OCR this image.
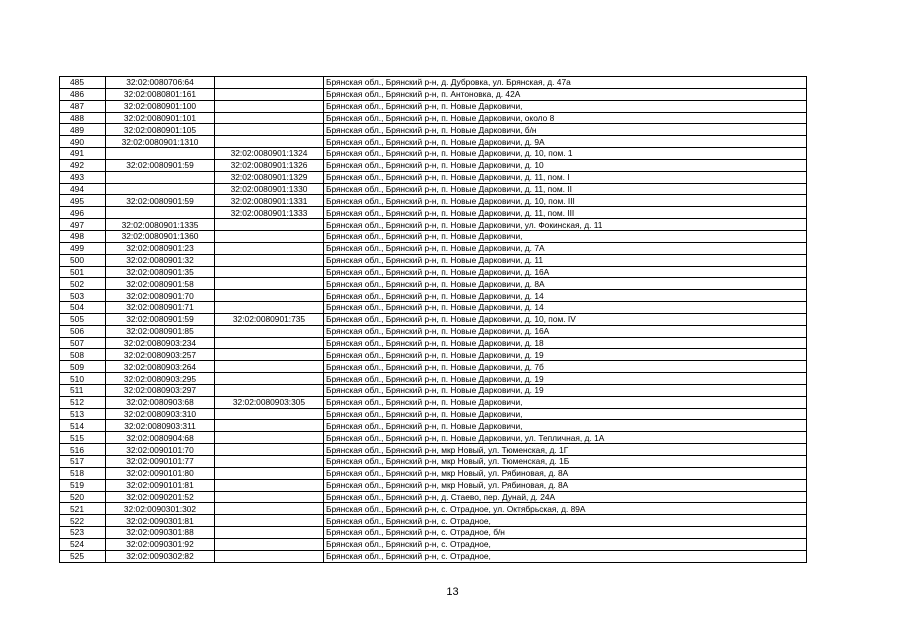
485	32:02:0080706:64		Брянская обл., Брянский р-н, д. Дубровка, ул. Брянская, д. 47а
486	32:02:0080801:161		Брянская обл., Брянский р-н, п. Антоновка, д. 42А
487	32:02:0080901:100		Брянская обл., Брянский р-н, п. Новые Дарковичи,
488	32:02:0080901:101		Брянская обл., Брянский р-н, п. Новые Дарковичи, около 8
489	32:02:0080901:105		Брянская обл., Брянский р-н, п. Новые Дарковичи, б/н
490	32:02:0080901:1310		Брянская обл., Брянский р-н, п. Новые Дарковичи, д. 9А
491		32:02:0080901:1324	Брянская обл., Брянский р-н, п. Новые Дарковичи, д. 10, пом. 1
492	32:02:0080901:59	32:02:0080901:1326	Брянская обл., Брянский р-н, п. Новые Дарковичи, д. 10
493		32:02:0080901:1329	Брянская обл., Брянский р-н, п. Новые Дарковичи, д. 11, пом. I
494		32:02:0080901:1330	Брянская обл., Брянский р-н, п. Новые Дарковичи, д. 11, пом. II
495	32:02:0080901:59	32:02:0080901:1331	Брянская обл., Брянский р-н, п. Новые Дарковичи, д. 10, пом. III
496		32:02:0080901:1333	Брянская обл., Брянский р-н, п. Новые Дарковичи, д. 11, пом. III
497	32:02:0080901:1335		Брянская обл., Брянский р-н, п. Новые Дарковичи, ул. Фокинская, д. 11
498	32:02:0080901:1360		Брянская обл., Брянский р-н, п. Новые Дарковичи,
499	32:02:0080901:23		Брянская обл., Брянский р-н, п. Новые Дарковичи, д. 7А
500	32:02:0080901:32		Брянская обл., Брянский р-н, п. Новые Дарковичи, д. 11
501	32:02:0080901:35		Брянская обл., Брянский р-н, п. Новые Дарковичи, д. 16А
502	32:02:0080901:58		Брянская обл., Брянский р-н, п. Новые Дарковичи, д. 8А
503	32:02:0080901:70		Брянская обл., Брянский р-н, п. Новые Дарковичи, д. 14
504	32:02:0080901:71		Брянская обл., Брянский р-н, п. Новые Дарковичи, д. 14
505	32:02:0080901:59	32:02:0080901:735	Брянская обл., Брянский р-н, п. Новые Дарковичи, д. 10, пом. IV
506	32:02:0080901:85		Брянская обл., Брянский р-н, п. Новые Дарковичи, д. 16А
507	32:02:0080903:234		Брянская обл., Брянский р-н, п. Новые Дарковичи, д. 18
508	32:02:0080903:257		Брянская обл., Брянский р-н, п. Новые Дарковичи, д. 19
509	32:02:0080903:264		Брянская обл., Брянский р-н, п. Новые Дарковичи, д. 7б
510	32:02:0080903:295		Брянская обл., Брянский р-н, п. Новые Дарковичи, д. 19
511	32:02:0080903:297		Брянская обл., Брянский р-н, п. Новые Дарковичи, д. 19
512	32:02:0080903:68	32:02:0080903:305	Брянская обл., Брянский р-н, п. Новые Дарковичи,
513	32:02:0080903:310		Брянская обл., Брянский р-н, п. Новые Дарковичи,
514	32:02:0080903:311		Брянская обл., Брянский р-н, п. Новые Дарковичи,
515	32:02:0080904:68		Брянская обл., Брянский р-н, п. Новые Дарковичи, ул. Тепличная, д. 1А
516	32:02:0090101:70		Брянская обл., Брянский р-н, мкр Новый, ул. Тюменская, д. 1Г
517	32:02:0090101:77		Брянская обл., Брянский р-н, мкр Новый, ул. Тюменская, д. 1Б
518	32:02:0090101:80		Брянская обл., Брянский р-н, мкр Новый, ул. Рябиновая, д. 8А
519	32:02:0090101:81		Брянская обл., Брянский р-н, мкр Новый, ул. Рябиновая, д. 8А
520	32:02:0090201:52		Брянская обл., Брянский р-н, д. Стаево, пер. Дунай, д. 24А
521	32:02:0090301:302		Брянская обл., Брянский р-н, с. Отрадное, ул. Октябрьская, д. 89А
522	32:02:0090301:81		Брянская обл., Брянский р-н, с. Отрадное,
523	32:02:0090301:88		Брянская обл., Брянский р-н, с. Отрадное, б/н
524	32:02:0090301:92		Брянская обл., Брянский р-н, с. Отрадное,
525	32:02:0090302:82		Брянская обл., Брянский р-н, с. Отрадное,
13
